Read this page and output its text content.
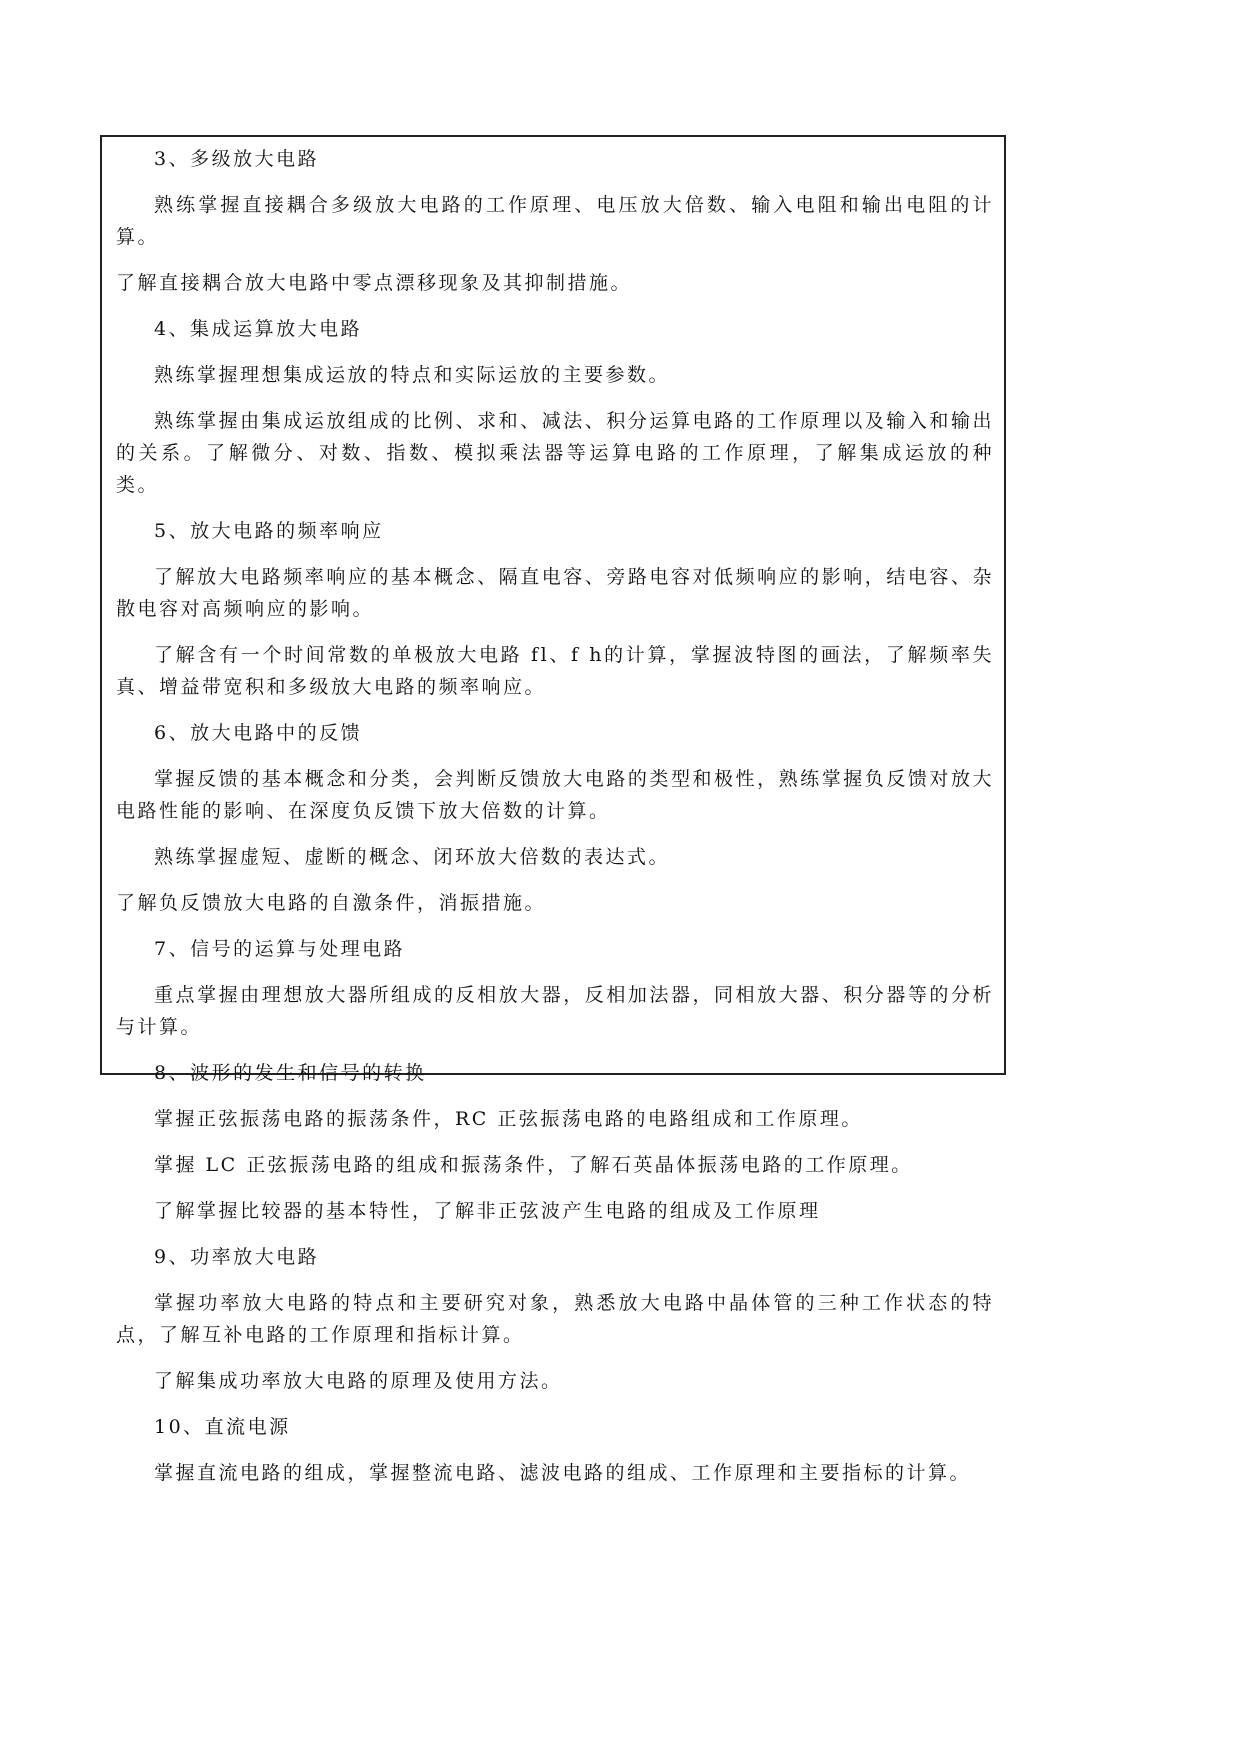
3、多级放大电路

熟练掌握直接耦合多级放大电路的工作原理、电压放大倍数、输入电阻和输出电阻的计算。

了解直接耦合放大电路中零点漂移现象及其抑制措施。

4、集成运算放大电路

熟练掌握理想集成运放的特点和实际运放的主要参数。

熟练掌握由集成运放组成的比例、求和、减法、积分运算电路的工作原理以及输入和输出的关系。了解微分、对数、指数、模拟乘法器等运算电路的工作原理，了解集成运放的种类。

5、放大电路的频率响应

了解放大电路频率响应的基本概念、隔直电容、旁路电容对低频响应的影响，结电容、杂散电容对高频响应的影响。

了解含有一个时间常数的单极放大电路 fl、f h的计算，掌握波特图的画法，了解频率失真、增益带宽积和多级放大电路的频率响应。

6、放大电路中的反馈

掌握反馈的基本概念和分类，会判断反馈放大电路的类型和极性，熟练掌握负反馈对放大电路性能的影响、在深度负反馈下放大倍数的计算。

熟练掌握虚短、虚断的概念、闭环放大倍数的表达式。

了解负反馈放大电路的自激条件，消振措施。

7、信号的运算与处理电路

重点掌握由理想放大器所组成的反相放大器，反相加法器，同相放大器、积分器等的分析与计算。

8、波形的发生和信号的转换

掌握正弦振荡电路的振荡条件，RC 正弦振荡电路的电路组成和工作原理。

掌握 LC 正弦振荡电路的组成和振荡条件，了解石英晶体振荡电路的工作原理。

了解掌握比较器的基本特性，了解非正弦波产生电路的组成及工作原理

9、功率放大电路

掌握功率放大电路的特点和主要研究对象，熟悉放大电路中晶体管的三种工作状态的特点，了解互补电路的工作原理和指标计算。

了解集成功率放大电路的原理及使用方法。

10、直流电源

掌握直流电路的组成，掌握整流电路、滤波电路的组成、工作原理和主要指标的计算。
